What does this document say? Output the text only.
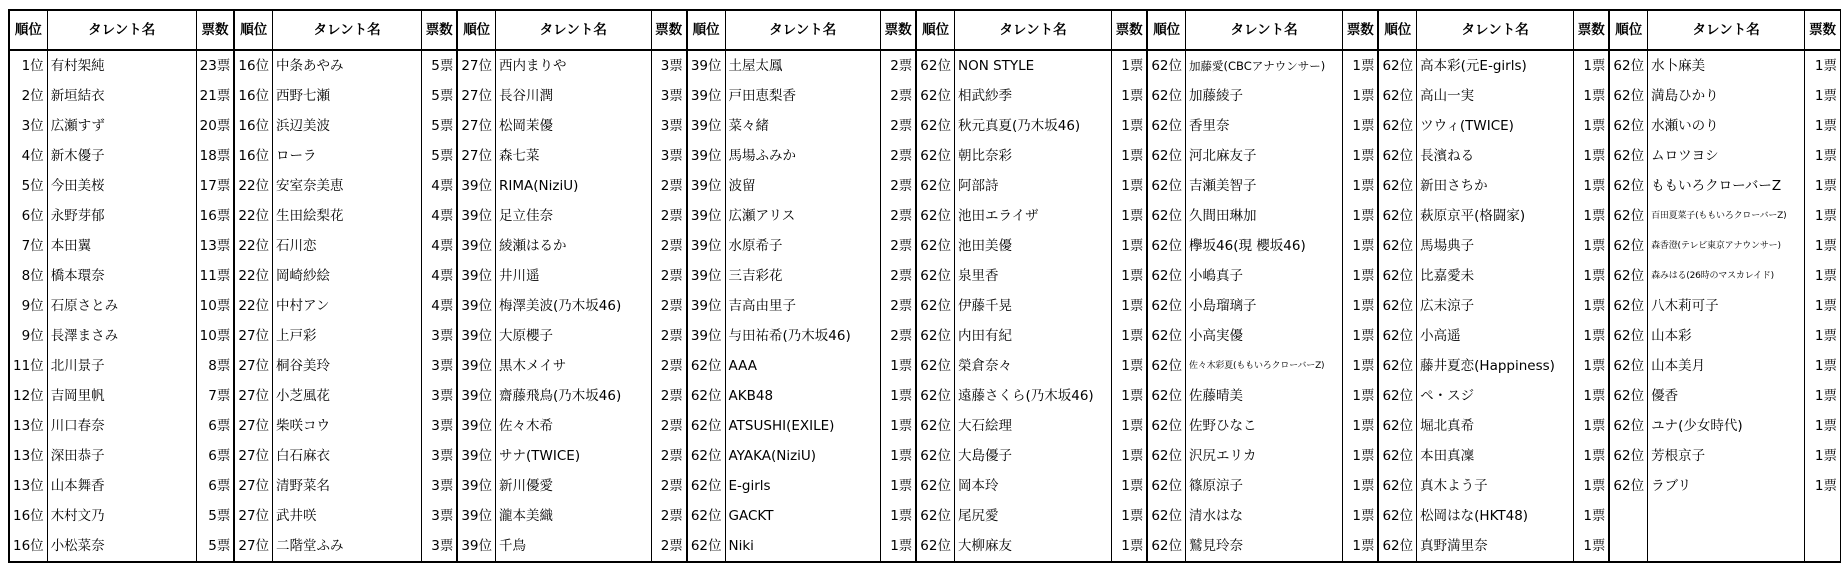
順位	タレント名	票数	順位	タレント名	票数	順位	タレント名	票数	順位	タレント名	票数	順位	タレント名	票数	順位	タレント名	票数	順位	タレント名	票数	順位	タレント名	票数
1位	有村架純	23票	16位	中条あやみ	5票	27位	西内まりや	3票	39位	土屋太鳳	2票	62位	NON STYLE	1票	62位	加藤愛(CBCアナウンサー)	1票	62位	高本彩(元E-girls)	1票	62位	水卜麻美	1票
2位	新垣結衣	21票	16位	西野七瀬	5票	27位	長谷川潤	3票	39位	戸田恵梨香	2票	62位	相武紗季	1票	62位	加藤綾子	1票	62位	高山一実	1票	62位	満島ひかり	1票
3位	広瀬すず	20票	16位	浜辺美波	5票	27位	松岡茉優	3票	39位	菜々緒	2票	62位	秋元真夏(乃木坂46)	1票	62位	香里奈	1票	62位	ツウィ(TWICE)	1票	62位	水瀬いのり	1票
4位	新木優子	18票	16位	ローラ	5票	27位	森七菜	3票	39位	馬場ふみか	2票	62位	朝比奈彩	1票	62位	河北麻友子	1票	62位	長濱ねる	1票	62位	ムロツヨシ	1票
5位	今田美桜	17票	22位	安室奈美恵	4票	39位	RIMA(NiziU)	2票	39位	波留	2票	62位	阿部詩	1票	62位	吉瀬美智子	1票	62位	新田さちか	1票	62位	ももいろクローバーZ	1票
6位	永野芽郁	16票	22位	生田絵梨花	4票	39位	足立佳奈	2票	39位	広瀬アリス	2票	62位	池田エライザ	1票	62位	久間田琳加	1票	62位	萩原京平(格闘家)	1票	62位	百田夏菜子(ももいろクローバーZ)	1票
7位	本田翼	13票	22位	石川恋	4票	39位	綾瀬はるか	2票	39位	水原希子	2票	62位	池田美優	1票	62位	欅坂46(現 櫻坂46)	1票	62位	馬場典子	1票	62位	森香澄(テレビ東京アナウンサー)	1票
8位	橋本環奈	11票	22位	岡崎紗絵	4票	39位	井川遥	2票	39位	三吉彩花	2票	62位	泉里香	1票	62位	小嶋真子	1票	62位	比嘉愛未	1票	62位	森みはる(26時のマスカレイド)	1票
9位	石原さとみ	10票	22位	中村アン	4票	39位	梅澤美波(乃木坂46)	2票	39位	吉高由里子	2票	62位	伊藤千晃	1票	62位	小島瑠璃子	1票	62位	広末涼子	1票	62位	八木莉可子	1票
9位	長澤まさみ	10票	27位	上戸彩	3票	39位	大原櫻子	2票	39位	与田祐希(乃木坂46)	2票	62位	内田有紀	1票	62位	小高実優	1票	62位	小高遥	1票	62位	山本彩	1票
11位	北川景子	8票	27位	桐谷美玲	3票	39位	黒木メイサ	2票	62位	AAA	1票	62位	榮倉奈々	1票	62位	佐々木彩夏(ももいろクローバーZ)	1票	62位	藤井夏恋(Happiness)	1票	62位	山本美月	1票
12位	吉岡里帆	7票	27位	小芝風花	3票	39位	齋藤飛鳥(乃木坂46)	2票	62位	AKB48	1票	62位	遠藤さくら(乃木坂46)	1票	62位	佐藤晴美	1票	62位	ペ・スジ	1票	62位	優香	1票
13位	川口春奈	6票	27位	柴咲コウ	3票	39位	佐々木希	2票	62位	ATSUSHI(EXILE)	1票	62位	大石絵理	1票	62位	佐野ひなこ	1票	62位	堀北真希	1票	62位	ユナ(少女時代)	1票
13位	深田恭子	6票	27位	白石麻衣	3票	39位	サナ(TWICE)	2票	62位	AYAKA(NiziU)	1票	62位	大島優子	1票	62位	沢尻エリカ	1票	62位	本田真凜	1票	62位	芳根京子	1票
13位	山本舞香	6票	27位	清野菜名	3票	39位	新川優愛	2票	62位	E-girls	1票	62位	岡本玲	1票	62位	篠原涼子	1票	62位	真木よう子	1票	62位	ラブリ	1票
16位	木村文乃	5票	27位	武井咲	3票	39位	瀧本美織	2票	62位	GACKT	1票	62位	尾尻愛	1票	62位	清水はな	1票	62位	松岡はな(HKT48)	1票			
16位	小松菜奈	5票	27位	二階堂ふみ	3票	39位	千鳥	2票	62位	Niki	1票	62位	大柳麻友	1票	62位	鷲見玲奈	1票	62位	真野満里奈	1票			
